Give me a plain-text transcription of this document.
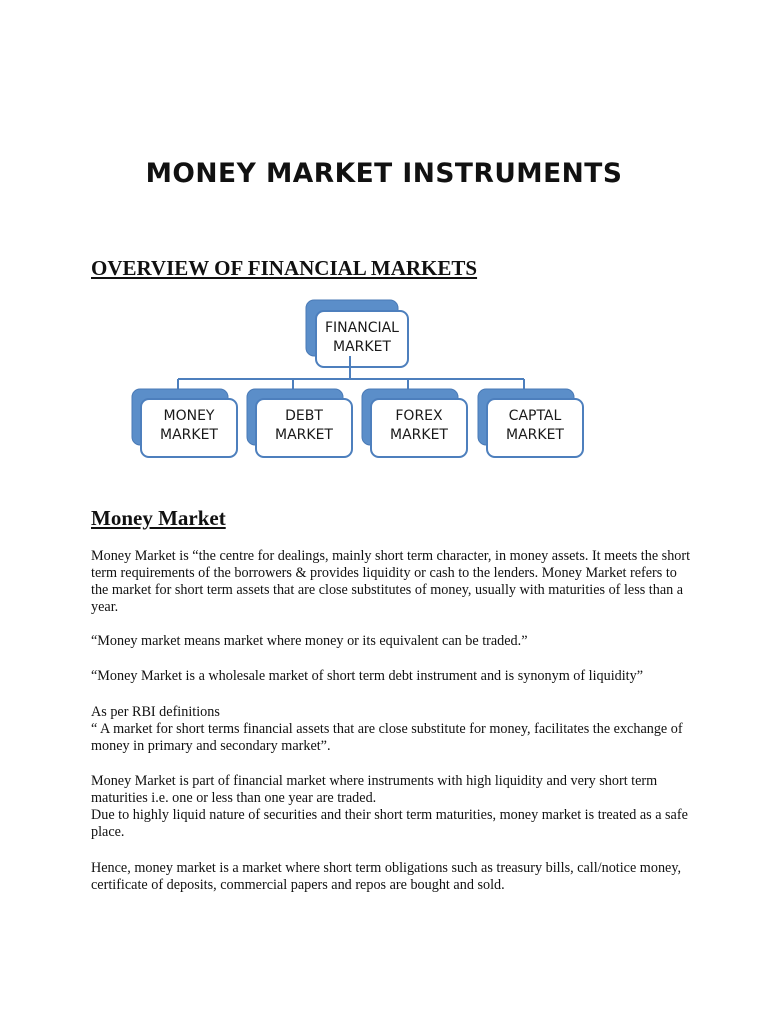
MONEY MARKET INSTRUMENTS
OVERVIEW OF FINANCIAL MARKETS
FINANCIAL
MARKET
MONEY
MARKET
DEBT
MARKET
FOREX
MARKET
CAPTAL
MARKET
Money Market

Money Market is “the centre for dealings, mainly short term character, in money assets. It meets the short term requirements of the borrowers & provides liquidity or cash to the lenders. Money Market refers to the market for short term assets that are close substitutes of money, usually with maturities of less than a year.

“Money market means market where money or its equivalent can be traded.”

“Money Market is a wholesale market of short term debt instrument and is synonym of liquidity”

As per RBI definitions

“ A market for short terms financial assets that are close substitute for money, facilitates the exchange of money in primary and secondary market”.

Money Market is part of financial market where instruments with high liquidity and very short term maturities i.e. one or less than one year are traded.

Due to highly liquid nature of securities and their short term maturities, money market is treated as a safe place.

Hence, money market is a market where short term obligations such as treasury bills, call/notice money, certificate of deposits, commercial papers and repos are bought and sold.
